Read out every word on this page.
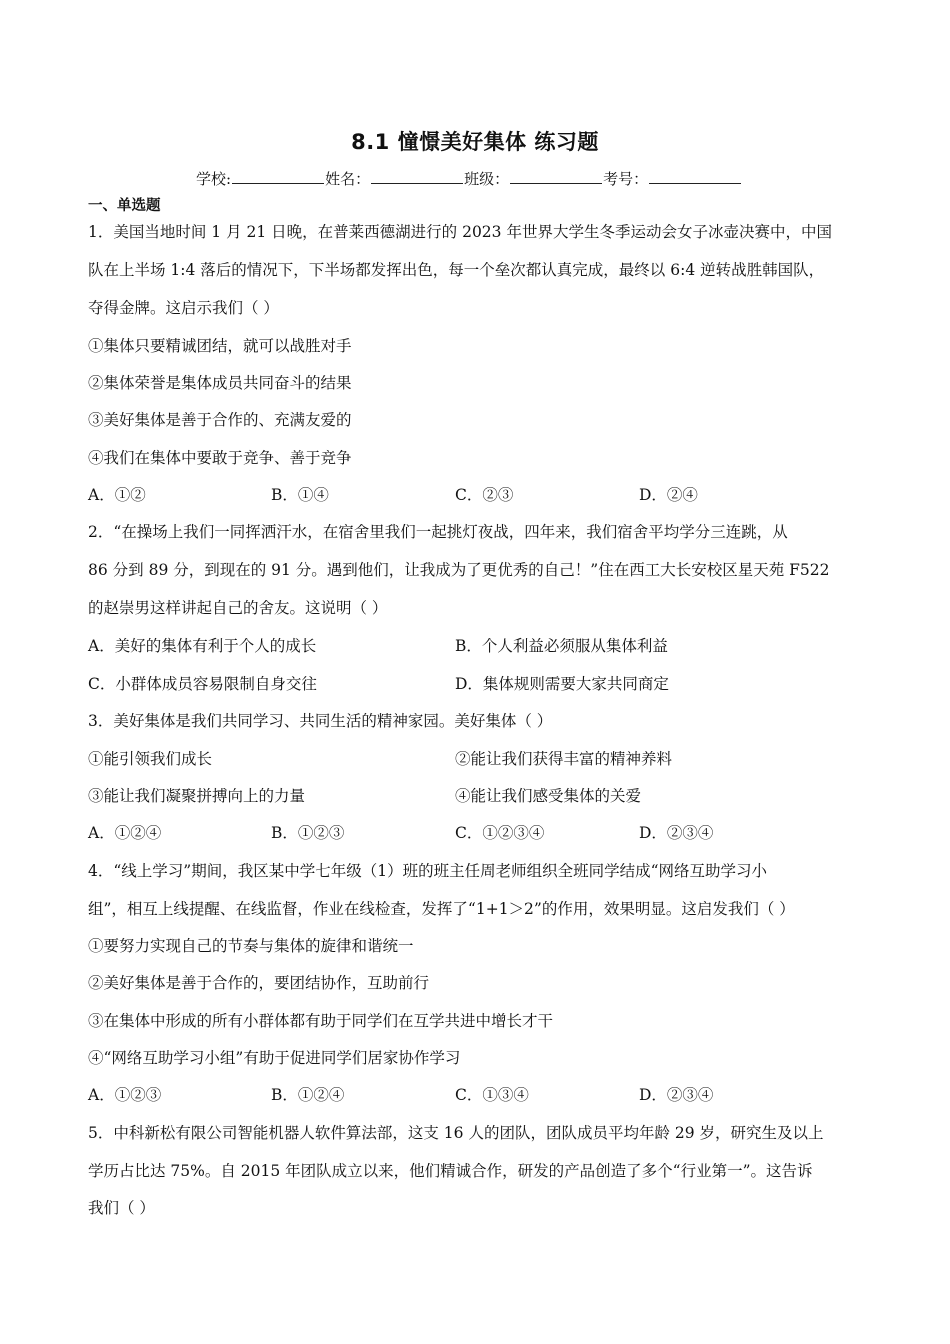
8.1 憧憬美好集体 练习题
学校:	姓名：	班级：	考号：
一、单选题
1．美国当地时间 1 月 21 日晚，在普莱西德湖进行的 2023 年世界大学生冬季运动会女子冰壶决赛中，中国
队在上半场 1:4 落后的情况下，下半场都发挥出色，每一个垒次都认真完成，最终以 6:4 逆转战胜韩国队，
夺得金牌。这启示我们（ ）
①集体只要精诚团结，就可以战胜对手
②集体荣誉是集体成员共同奋斗的结果
③美好集体是善于合作的、充满友爱的
④我们在集体中要敢于竞争、善于竞争
A．①②	B．①④	C．②③	D．②④
2．“在操场上我们一同挥洒汗水，在宿舍里我们一起挑灯夜战，四年来，我们宿舍平均学分三连跳，从
86 分到 89 分，到现在的 91 分。遇到他们，让我成为了更优秀的自己！”住在西工大长安校区星天苑 F522
的赵崇男这样讲起自己的舍友。这说明（ ）
A．美好的集体有利于个人的成长	B．个人利益必须服从集体利益
C．小群体成员容易限制自身交往	D．集体规则需要大家共同商定
3．美好集体是我们共同学习、共同生活的精神家园。美好集体（ ）
①能引领我们成长	②能让我们获得丰富的精神养料
③能让我们凝聚拼搏向上的力量	④能让我们感受集体的关爱
A．①②④	B．①②③	C．①②③④	D．②③④
4．“线上学习”期间，我区某中学七年级（1）班的班主任周老师组织全班同学结成“网络互助学习小
组”，相互上线提醒、在线监督，作业在线检查，发挥了“1+1＞2”的作用，效果明显。这启发我们（ ）
①要努力实现自己的节奏与集体的旋律和谐统一
②美好集体是善于合作的，要团结协作，互助前行
③在集体中形成的所有小群体都有助于同学们在互学共进中增长才干
④“网络互助学习小组”有助于促进同学们居家协作学习
A．①②③	B．①②④	C．①③④	D．②③④
5．中科新松有限公司智能机器人软件算法部，这支 16 人的团队，团队成员平均年龄 29 岁，研究生及以上
学历占比达 75%。自 2015 年团队成立以来，他们精诚合作，研发的产品创造了多个“行业第一”。这告诉
我们（ ）
